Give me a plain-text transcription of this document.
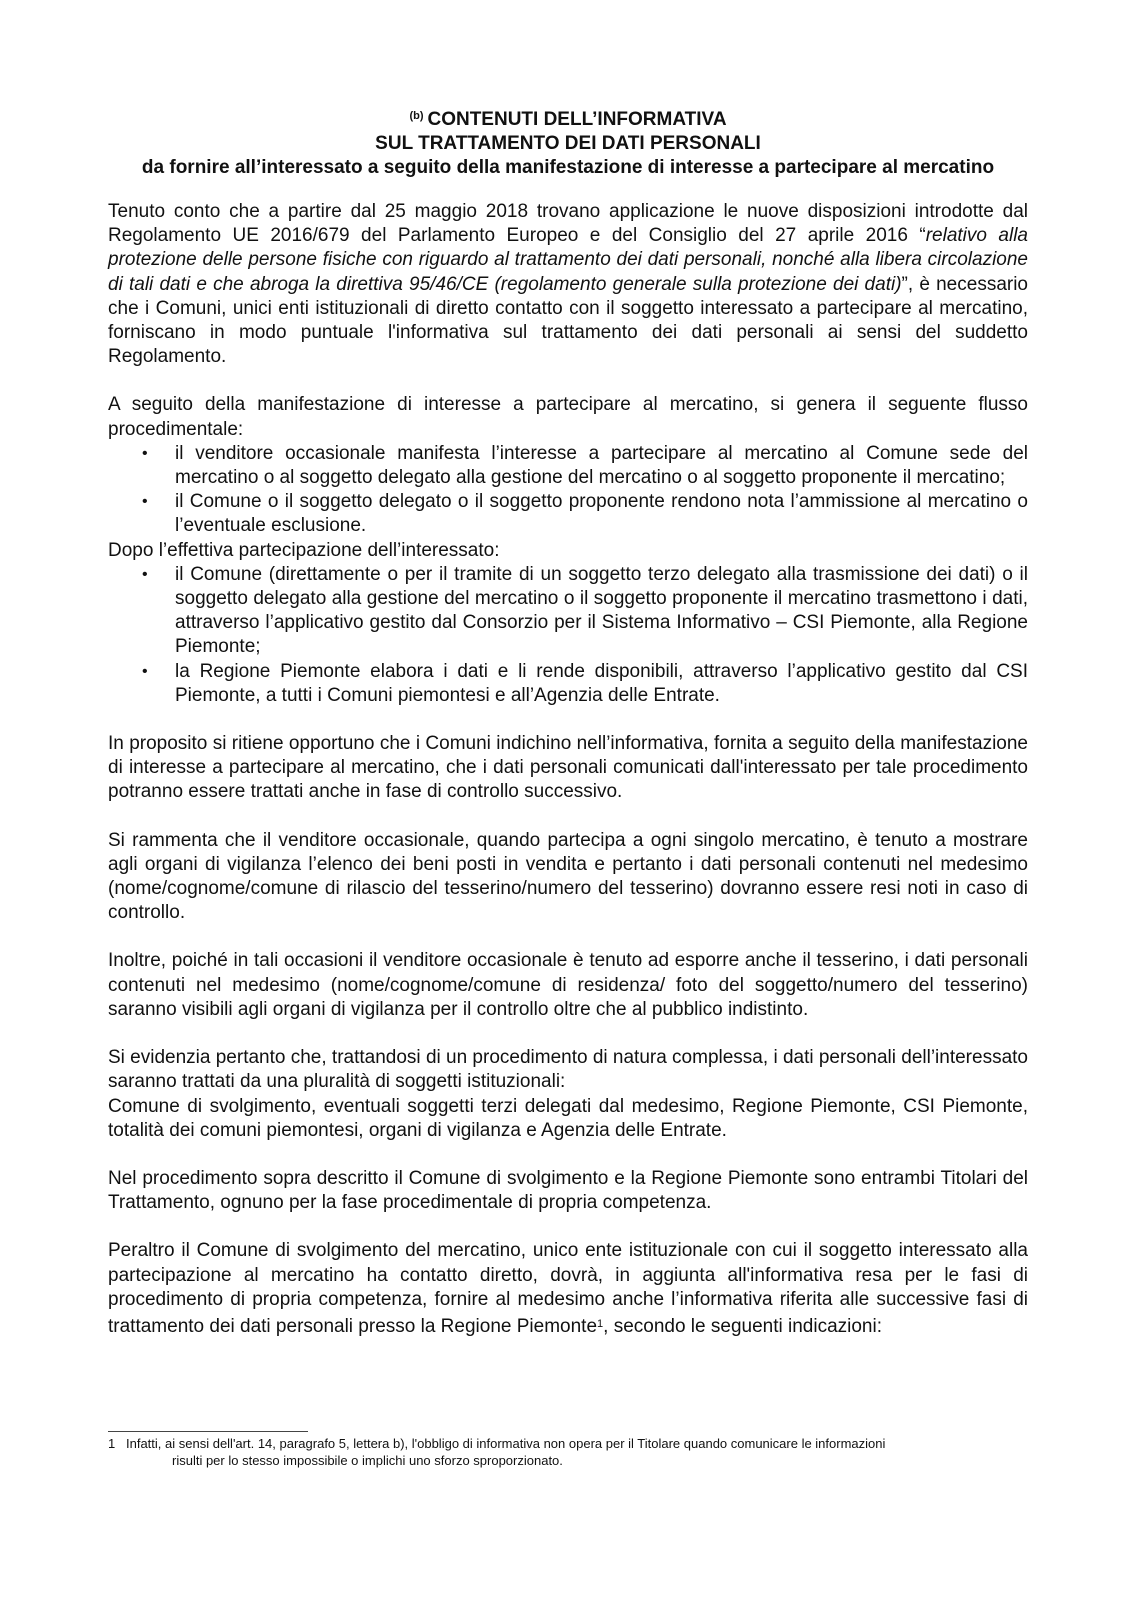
$^{(b)}$ CONTENUTI DELL’INFORMATIVA
SUL TRATTAMENTO DEI DATI PERSONALI
da fornire all’interessato a seguito della manifestazione di interesse a partecipare al mercatino

Tenuto conto che a partire dal 25 maggio 2018 trovano applicazione le nuove disposizioni introdotte dal Regolamento UE 2016/679 del Parlamento Europeo e del Consiglio del 27 aprile 2016 “relativo alla protezione delle persone fisiche con riguardo al trattamento dei dati personali, nonché alla libera circolazione di tali dati e che abroga la direttiva 95/46/CE (regolamento generale sulla protezione dei dati)”, è necessario che i Comuni, unici enti istituzionali di diretto contatto con il soggetto interessato a partecipare al mercatino, forniscano in modo puntuale l'informativa sul trattamento dei dati personali ai sensi del suddetto Regolamento.

A seguito della manifestazione di interesse a partecipare al mercatino, si genera il seguente flusso procedimentale:

• il venditore occasionale manifesta l’interesse a partecipare al mercatino al Comune sede del mercatino o al soggetto delegato alla gestione del mercatino o al soggetto proponente il mercatino;
• il Comune o il soggetto delegato o il soggetto proponente rendono nota l’ammissione al mercatino o l’eventuale esclusione.

Dopo l’effettiva partecipazione dell’interessato:

• il Comune (direttamente o per il tramite di un soggetto terzo delegato alla trasmissione dei dati) o il soggetto delegato alla gestione del mercatino o il soggetto proponente il mercatino trasmettono i dati, attraverso l’applicativo gestito dal Consorzio per il Sistema Informativo – CSI Piemonte, alla Regione Piemonte;
• la Regione Piemonte elabora i dati e li rende disponibili, attraverso l’applicativo gestito dal CSI Piemonte, a tutti i Comuni piemontesi e all’Agenzia delle Entrate.

In proposito si ritiene opportuno che i Comuni indichino nell’informativa, fornita a seguito della manifestazione di interesse a partecipare al mercatino, che i dati personali comunicati dall'interessato per tale procedimento potranno essere trattati anche in fase di controllo successivo.

Si rammenta che il venditore occasionale, quando partecipa a ogni singolo mercatino, è tenuto a mostrare agli organi di vigilanza l’elenco dei beni posti in vendita e pertanto i dati personali contenuti nel medesimo (nome/cognome/comune di rilascio del tesserino/numero del tesserino) dovranno essere resi noti in caso di controllo.

Inoltre, poiché in tali occasioni il venditore occasionale è tenuto ad esporre anche il tesserino, i dati personali contenuti nel medesimo (nome/cognome/comune di residenza/ foto del soggetto/numero del tesserino) saranno visibili agli organi di vigilanza per il controllo oltre che al pubblico indistinto.

Si evidenzia pertanto che, trattandosi di un procedimento di natura complessa, i dati personali dell’interessato saranno trattati da una pluralità di soggetti istituzionali:
Comune di svolgimento, eventuali soggetti terzi delegati dal medesimo, Regione Piemonte, CSI Piemonte, totalità dei comuni piemontesi, organi di vigilanza e Agenzia delle Entrate.

Nel procedimento sopra descritto il Comune di svolgimento e la Regione Piemonte sono entrambi Titolari del Trattamento, ognuno per la fase procedimentale di propria competenza.

Peraltro il Comune di svolgimento del mercatino, unico ente istituzionale con cui il soggetto interessato alla partecipazione al mercatino ha contatto diretto, dovrà, in aggiunta all'informativa resa per le fasi di procedimento di propria competenza, fornire al medesimo anche l’informativa riferita alle successive fasi di trattamento dei dati personali presso la Regione Piemonte$^1$, secondo le seguenti indicazioni:

1 Infatti, ai sensi dell'art. 14, paragrafo 5, lettera b), l'obbligo di informativa non opera per il Titolare quando comunicare le informazioni
risulti per lo stesso impossibile o implichi uno sforzo sproporzionato.
